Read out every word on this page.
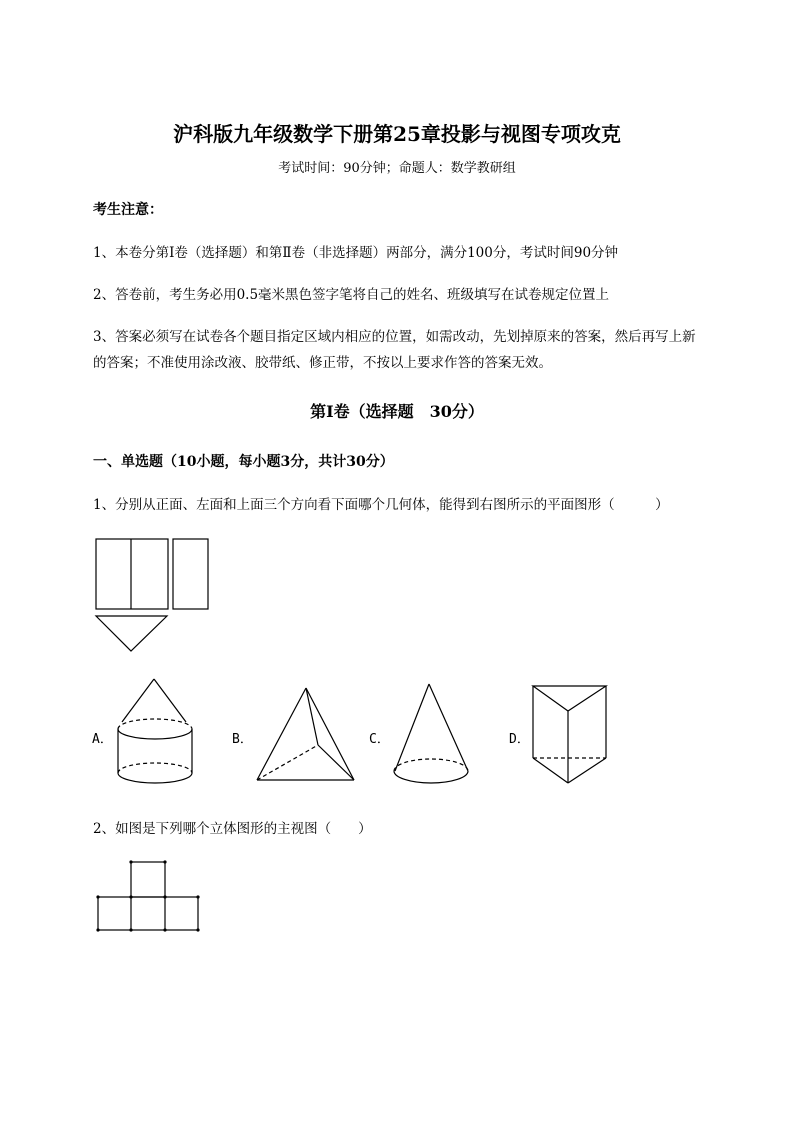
沪科版九年级数学下册第25章投影与视图专项攻克
考试时间：90分钟；命题人：数学教研组
考生注意：
1、本卷分第I卷（选择题）和第Ⅱ卷（非选择题）两部分，满分100分，考试时间90分钟
2、答卷前，考生务必用0.5毫米黑色签字笔将自己的姓名、班级填写在试卷规定位置上
3、答案必须写在试卷各个题目指定区域内相应的位置，如需改动，先划掉原来的答案，然后再写上新的答案；不准使用涂改液、胶带纸、修正带，不按以上要求作答的答案无效。
第I卷（选择题　30分）
一、单选题（10小题，每小题3分，共计30分）
1、分别从正面、左面和上面三个方向看下面哪个几何体，能得到右图所示的平面图形（　　　）
A．	B．	C．	D．
2、如图是下列哪个立体图形的主视图（　　）
